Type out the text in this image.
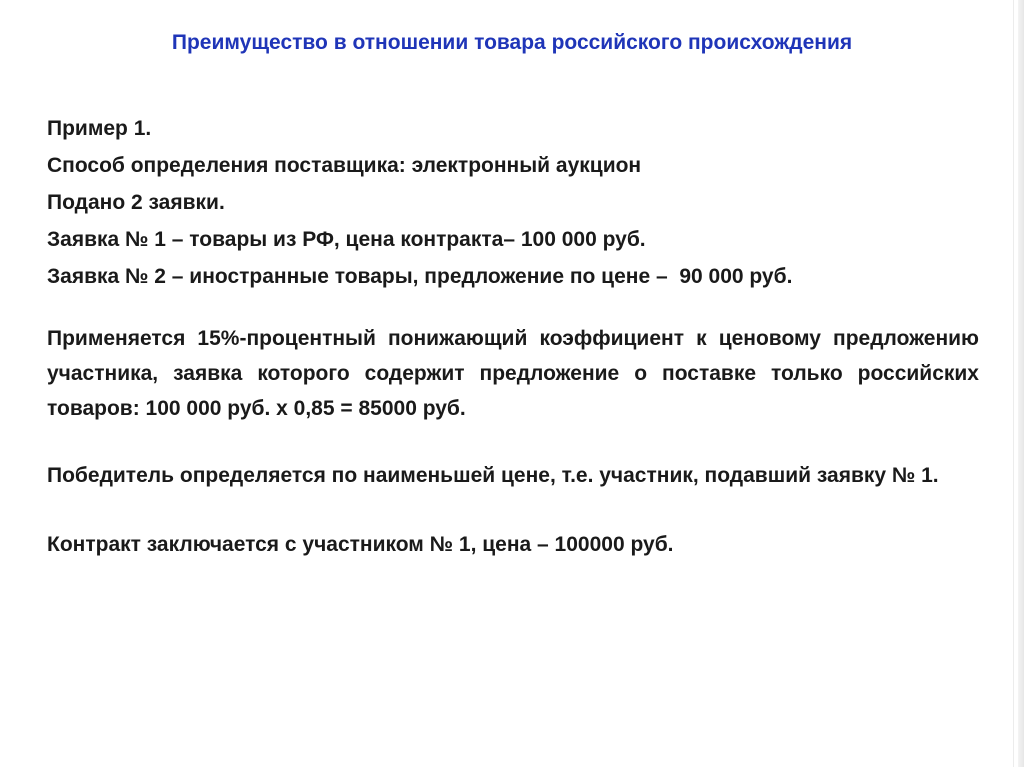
Преимущество в отношении товара российского происхождения
Пример 1.
Способ определения поставщика: электронный аукцион
Подано 2 заявки.
Заявка № 1 – товары из РФ, цена контракта– 100 000 руб.
Заявка № 2 – иностранные товары, предложение по цене –  90 000 руб.
Применяется 15%-процентный понижающий коэффициент к ценовому предложению участника, заявка которого содержит предложение о поставке только российских товаров: 100 000 руб. х 0,85 = 85000 руб.
Победитель определяется по наименьшей цене, т.е. участник, подавший заявку № 1.
Контракт заключается с участником № 1, цена – 100000 руб.
